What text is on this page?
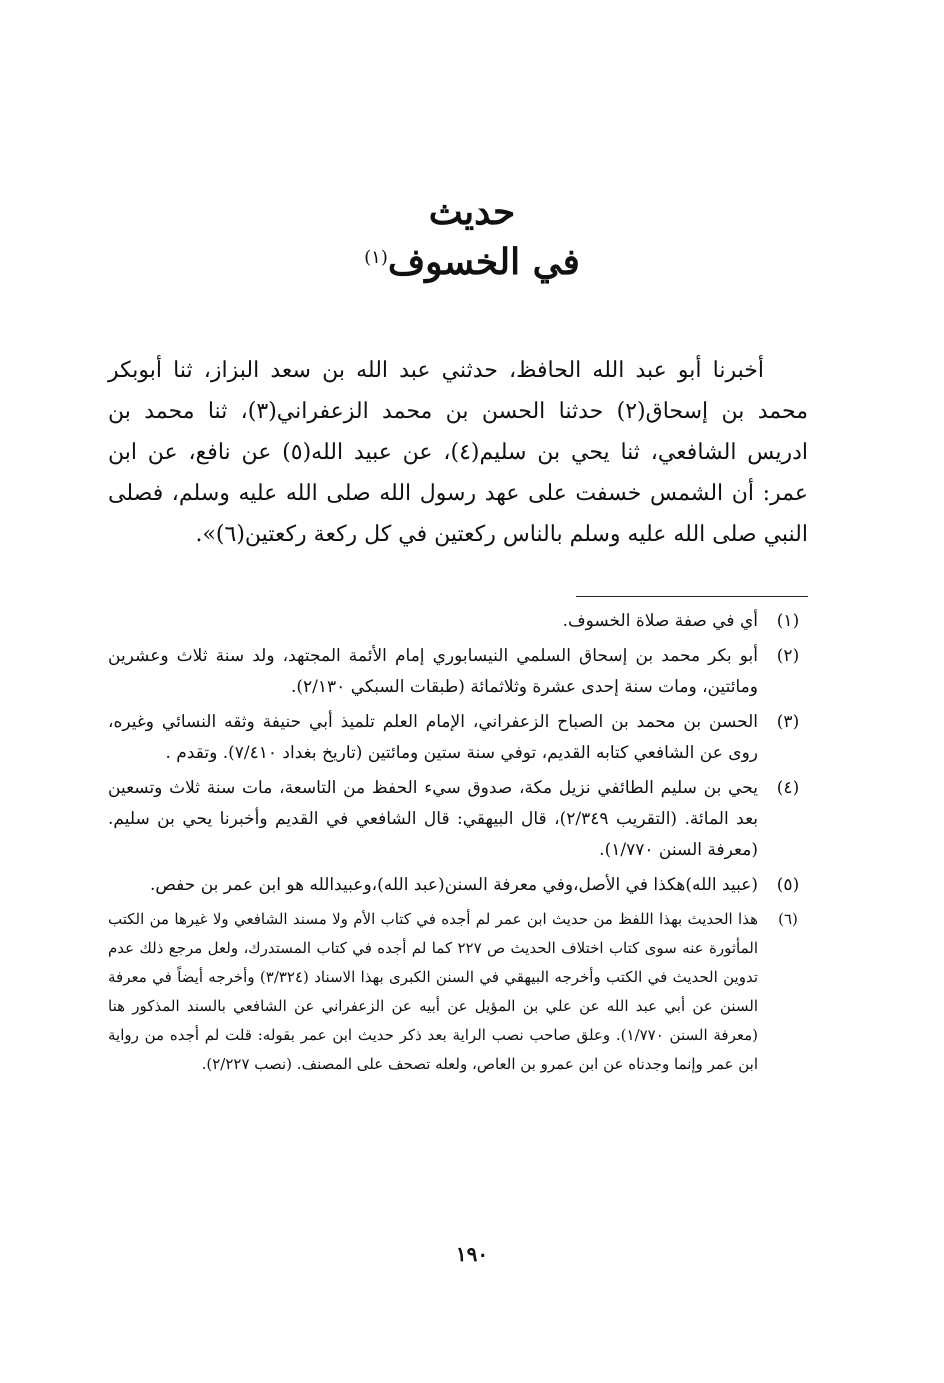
حديث
في الخسوف$^{(١)}$

أخبرنا أبو عبد الله الحافظ، حدثني عبد الله بن سعد البزاز، ثنا أبوبكر محمد بن إسحاق(٢) حدثنا الحسن بن محمد الزعفراني(٣)، ثنا محمد بن ادريس الشافعي، ثنا يحي بن سليم(٤)، عن عبيد الله(٥) عن نافع، عن ابن عمر: أن الشمس خسفت على عهد رسول الله صلى الله عليه وسلم، فصلى النبي صلى الله عليه وسلم بالناس ركعتين في كل ركعة ركعتين(٦)».

(١)
أي في صفة صلاة الخسوف.
(٢)
أبو بكر محمد بن إسحاق السلمي النيسابوري إمام الأئمة المجتهد، ولد سنة ثلاث وعشرين ومائتين، ومات سنة إحدى عشرة وثلاثمائة (طبقات السبكي ٢/١٣٠).
(٣)
الحسن بن محمد بن الصباح الزعفراني، الإمام العلم تلميذ أبي حنيفة وثقه النسائي وغيره، روى عن الشافعي كتابه القديم، توفي سنة ستين ومائتين (تاريخ بغداد ٧/٤١٠). وتقدم .
(٤)
يحي بن سليم الطائفي نزيل مكة، صدوق سيء الحفظ من التاسعة، مات سنة ثلاث وتسعين بعد المائة. (التقريب ٢/٣٤٩)، قال البيهقي: قال الشافعي في القديم وأخبرنا يحي بن سليم. (معرفة السنن ١/٧٧٠).
(٥)
(عبيد الله)هكذا في الأصل،وفي معرفة السنن(عبد الله)،وعبيدالله هو ابن عمر بن حفص.
(٦)
هذا الحديث بهذا اللفظ من حديث ابن عمر لم أجده في كتاب الأم ولا مسند الشافعي ولا غيرها من الكتب المأثورة عنه سوى كتاب اختلاف الحديث ص ٢٢٧ كما لم أجده في كتاب المستدرك، ولعل مرجع ذلك عدم تدوين الحديث في الكتب وأخرجه البيهقي في السنن الكبرى بهذا الاسناد (٣/٣٢٤) وأخرجه أيضاً في معرفة السنن عن أبي عبد الله عن علي بن المؤيل عن أبيه عن الزعفراني عن الشافعي بالسند المذكور هنا (معرفة السنن ١/٧٧٠). وعلق صاحب نصب الراية بعد ذكر حديث ابن عمر بقوله: قلت لم أجده من رواية ابن عمر وإنما وجدناه عن ابن عمرو بن العاص، ولعله تصحف على المصنف. (نصب ٢/٢٢٧).
١٩٠
